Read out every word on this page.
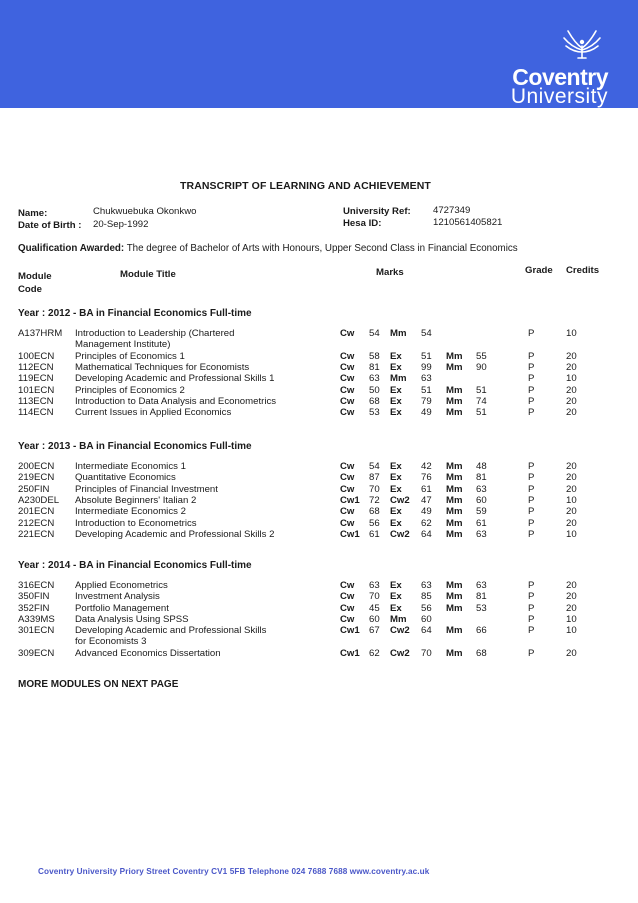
Coventry
University
TRANSCRIPT OF LEARNING AND ACHIEVEMENT
Name:	Chukwuebuka Okonkwo
Date of Birth : 20-Sep-1992
University Ref: 4727349
Hesa ID:	1210561405821
Qualification Awarded: The degree of Bachelor of Arts with Honours, Upper Second Class in Financial Economics
Module
Code
Module Title	Marks	Grade Credits
Year : 2012 - BA in Financial Economics Full-time
A137HRM Introduction to Leadership (Chartered	Cw 54 Mm 54	P	10
Management Institute)
100ECN Principles of Economics 1	Cw 58 Ex 51 Mm 55	P	20
112ECN Mathematical Techniques for Economists	Cw 81 Ex 99 Mm 90	P	20
119ECN Developing Academic and Professional Skills 1	Cw 63 Mm 63	P	10
101ECN Principles of Economics 2	Cw 50 Ex 51 Mm 51	P	20
113ECN Introduction to Data Analysis and Econometrics	Cw 68 Ex 79 Mm 74	P	20
114ECN Current Issues in Applied Economics	Cw 53 Ex 49 Mm 51	P	20
Year : 2013 - BA in Financial Economics Full-time
200ECN Intermediate Economics 1	Cw 54 Ex 42 Mm 48	P	20
219ECN Quantitative Economics	Cw 87 Ex 76 Mm 81	P	20
250FIN	Principles of Financial Investment	Cw 70 Ex 61 Mm 63	P	20
A230DEL Absolute Beginners' Italian 2	Cw1 72 Cw2 47 Mm 60	P	10
201ECN Intermediate Economics 2	Cw 68 Ex 49 Mm 59	P	20
212ECN Introduction to Econometrics	Cw 56 Ex 62 Mm 61	P	20
221ECN Developing Academic and Professional Skills 2	Cw1 61 Cw2 64 Mm 63	P	10
Year : 2014 - BA in Financial Economics Full-time
316ECN Applied Econometrics	Cw 63 Ex 63 Mm 63	P	20
350FIN	Investment Analysis	Cw 70 Ex 85 Mm 81	P	20
352FIN	Portfolio Management	Cw 45 Ex 56 Mm 53	P	20
A339MS Data Analysis Using SPSS	Cw 60 Mm 60	P	10
301ECN Developing Academic and Professional Skills	Cw1 67 Cw2 64 Mm 66	P	10
for Economists 3
309ECN Advanced Economics Dissertation	Cw1 62 Cw2 70 Mm 68	P	20
MORE MODULES ON NEXT PAGE
Coventry University Priory Street Coventry CV1 5FB Telephone 024 7688 7688 www.coventry.ac.uk
